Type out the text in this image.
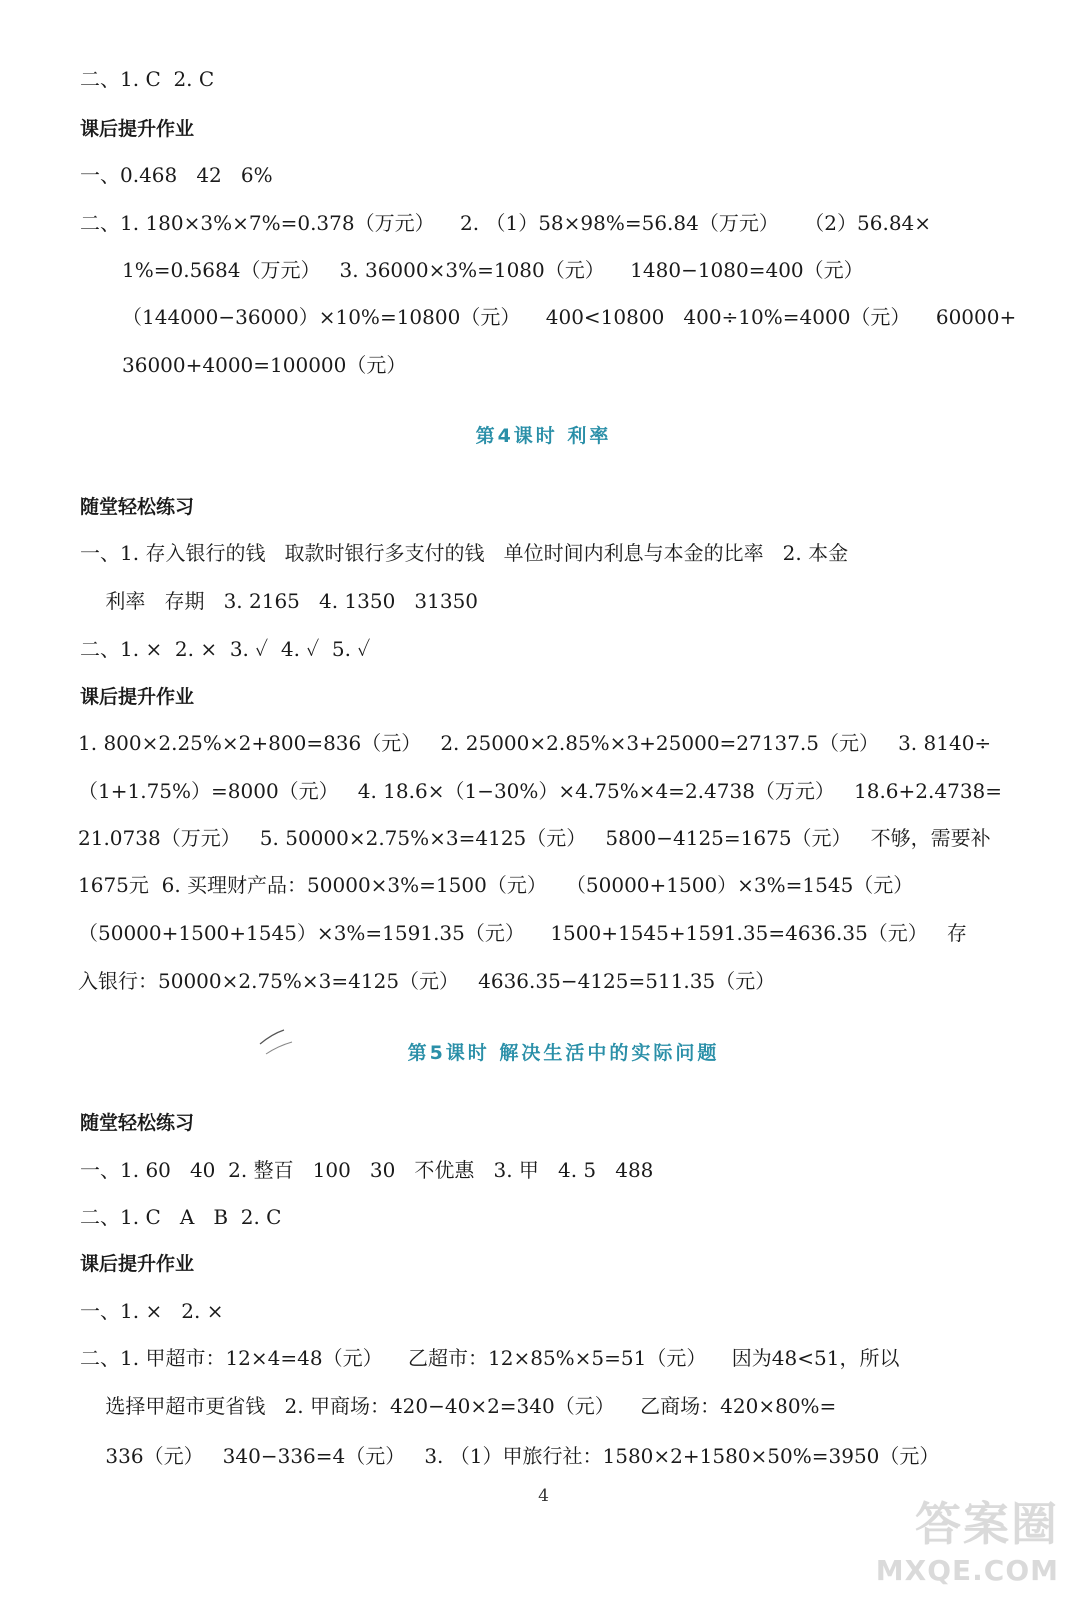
二、1. C  2. C
课后提升作业
一、0.468   42   6%
二、1. 180×3%×7%=0.378（万元）    2. （1）58×98%=56.84（万元）    （2）56.84×
1%=0.5684（万元）   3. 36000×3%=1080（元）    1480−1080=400（元）
（144000−36000）×10%=10800（元）    400<10800   400÷10%=4000（元）    60000+
36000+4000=100000（元）
第4课时 利率
随堂轻松练习
一、1. 存入银行的钱   取款时银行多支付的钱   单位时间内利息与本金的比率   2. 本金
利率   存期   3. 2165   4. 1350   31350
二、1. ×  2. ×  3. ✓  4. ✓  5. ✓
课后提升作业
1. 800×2.25%×2+800=836（元）   2. 25000×2.85%×3+25000=27137.5（元）   3. 8140÷
（1+1.75%）=8000（元）   4. 18.6×（1−30%）×4.75%×4=2.4738（万元）   18.6+2.4738=
21.0738（万元）   5. 50000×2.75%×3=4125（元）   5800−4125=1675（元）   不够，需要补
1675元  6. 买理财产品：50000×3%=1500（元）   （50000+1500）×3%=1545（元）
（50000+1500+1545）×3%=1591.35（元）    1500+1545+1591.35=4636.35（元）   存
入银行：50000×2.75%×3=4125（元）   4636.35−4125=511.35（元）
第5课时 解决生活中的实际问题
随堂轻松练习
一、1. 60   40  2. 整百   100   30   不优惠   3. 甲   4. 5   488
二、1. C   A   B  2. C
课后提升作业
一、1. ×   2. ×
二、1. 甲超市：12×4=48（元）    乙超市：12×85%×5=51（元）    因为48<51，所以
选择甲超市更省钱   2. 甲商场：420−40×2=340（元）    乙商场：420×80%=
336（元）   340−336=4（元）   3. （1）甲旅行社：1580×2+1580×50%=3950（元）
4
答案圈
MXQE.COM
